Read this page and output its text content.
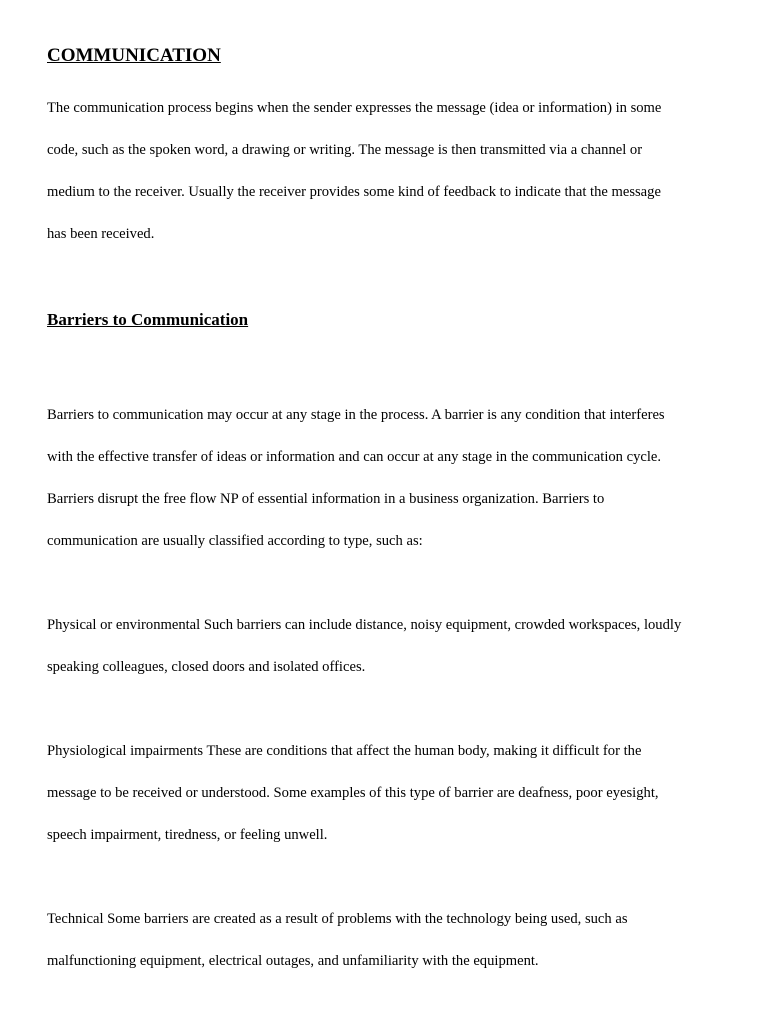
COMMUNICATION

The communication process begins when the sender expresses the message (idea or information) in some
code, such as the spoken word, a drawing or writing. The message is then transmitted via a channel or
medium to the receiver. Usually the receiver provides some kind of feedback to indicate that the message
has been received.

Barriers to Communication

Barriers to communication may occur at any stage in the process. A barrier is any condition that interferes
with the effective transfer of ideas or information and can occur at any stage in the communication cycle.
Barriers disrupt the free flow NP of essential information in a business organization. Barriers to
communication are usually classified according to type, such as:

Physical or environmental Such barriers can include distance, noisy equipment, crowded workspaces, loudly
speaking colleagues, closed doors and isolated offices.

Physiological impairments These are conditions that affect the human body, making it difficult for the
message to be received or understood. Some examples of this type of barrier are deafness, poor eyesight,
speech impairment, tiredness, or feeling unwell.

Technical Some barriers are created as a result of problems with the technology being used, such as
malfunctioning equipment, electrical outages, and unfamiliarity with the equipment.
